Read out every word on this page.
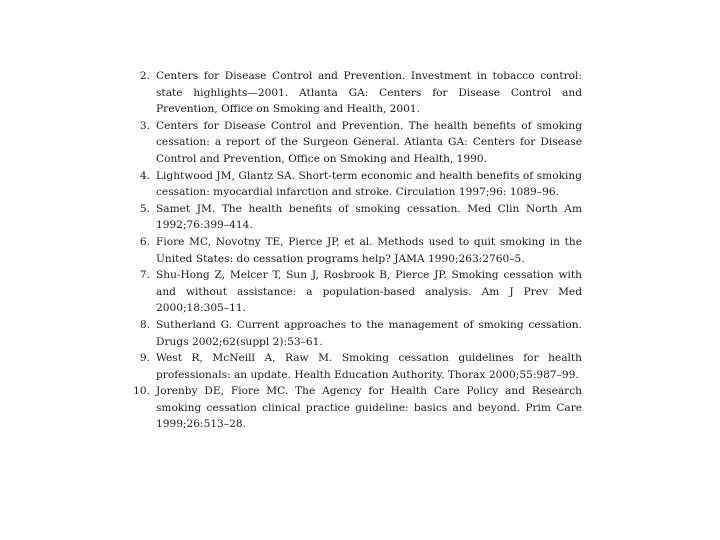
2. Centers for Disease Control and Prevention. Investment in tobacco control: state highlights—2001. Atlanta GA: Centers for Disease Control and Prevention, Office on Smoking and Health, 2001.
3. Centers for Disease Control and Prevention. The health benefits of smoking cessation: a report of the Surgeon General. Atlanta GA: Centers for Disease Control and Prevention, Office on Smoking and Health, 1990.
4. Lightwood JM, Glantz SA. Short-term economic and health benefits of smoking cessation: myocardial infarction and stroke. Circulation 1997;96: 1089–96.
5. Samet JM. The health benefits of smoking cessation. Med Clin North Am 1992;76:399–414.
6. Fiore MC, Novotny TE, Pierce JP, et al. Methods used to quit smoking in the United States: do cessation programs help? JAMA 1990;263:2760–5.
7. Shu-Hong Z, Melcer T, Sun J, Rosbrook B, Pierce JP. Smoking cessation with and without assistance: a population-based analysis. Am J Prev Med 2000;18:305–11.
8. Sutherland G. Current approaches to the management of smoking cessation. Drugs 2002;62(suppl 2):53–61.
9. West R, McNeill A, Raw M. Smoking cessation guidelines for health professionals: an update. Health Education Authority. Thorax 2000;55:987–99.
10. Jorenby DE, Fiore MC. The Agency for Health Care Policy and Research smoking cessation clinical practice guideline: basics and beyond. Prim Care 1999;26:513–28.
